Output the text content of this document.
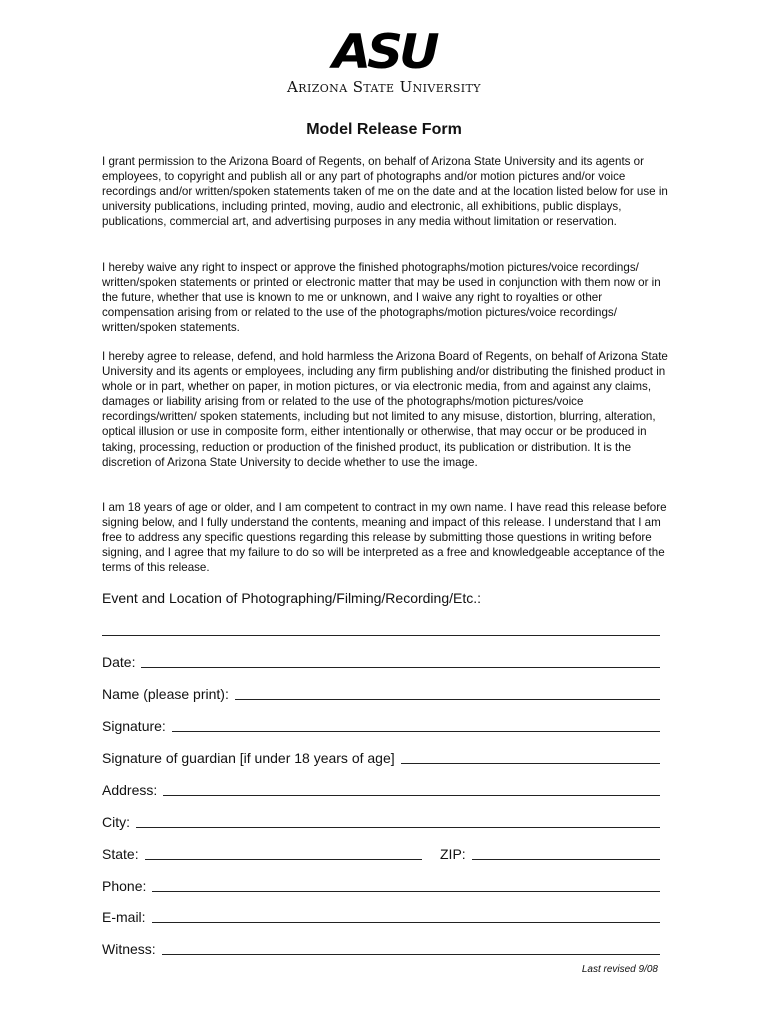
ASU
Arizona State University
Model Release Form

I grant permission to the Arizona Board of Regents, on behalf of Arizona State University and its agents or employees, to copyright and publish all or any part of photographs and/or motion pictures and/or voice recordings and/or written/spoken statements taken of me on the date and at the location listed below for use in university publications, including printed, moving, audio and electronic, all exhibitions, public displays, publications, commercial art, and advertising purposes in any media without limitation or reservation.

I hereby waive any right to inspect or approve the finished photographs/motion pictures/voice recordings/ written/spoken statements or printed or electronic matter that may be used in conjunction with them now or in the future, whether that use is known to me or unknown, and I waive any right to royalties or other compensation arising from or related to the use of the photographs/motion pictures/voice recordings/ written/spoken statements.

I hereby agree to release, defend, and hold harmless the Arizona Board of Regents, on behalf of Arizona State University and its agents or employees, including any firm publishing and/or distributing the finished product in whole or in part, whether on paper, in motion pictures, or via electronic media, from and against any claims, damages or liability arising from or related to the use of the photographs/motion pictures/voice recordings/written/ spoken statements, including but not limited to any misuse, distortion, blurring, alteration, optical illusion or use in composite form, either intentionally or otherwise, that may occur or be produced in taking, processing, reduction or production of the finished product, its publication or distribution. It is the discretion of Arizona State University to decide whether to use the image.

I am 18 years of age or older, and I am competent to contract in my own name. I have read this release before signing below, and I fully understand the contents, meaning and impact of this release. I understand that I am free to address any specific questions regarding this release by submitting those questions in writing before signing, and I agree that my failure to do so will be interpreted as a free and knowledgeable acceptance of the terms of this release.

Event and Location of Photographing/Filming/Recording/Etc.:
Date:
Name (please print):
Signature:
Signature of guardian [if under 18 years of age]
Address:
City:
State:	ZIP:
Phone:
E-mail:
Witness:
Last revised 9/08
